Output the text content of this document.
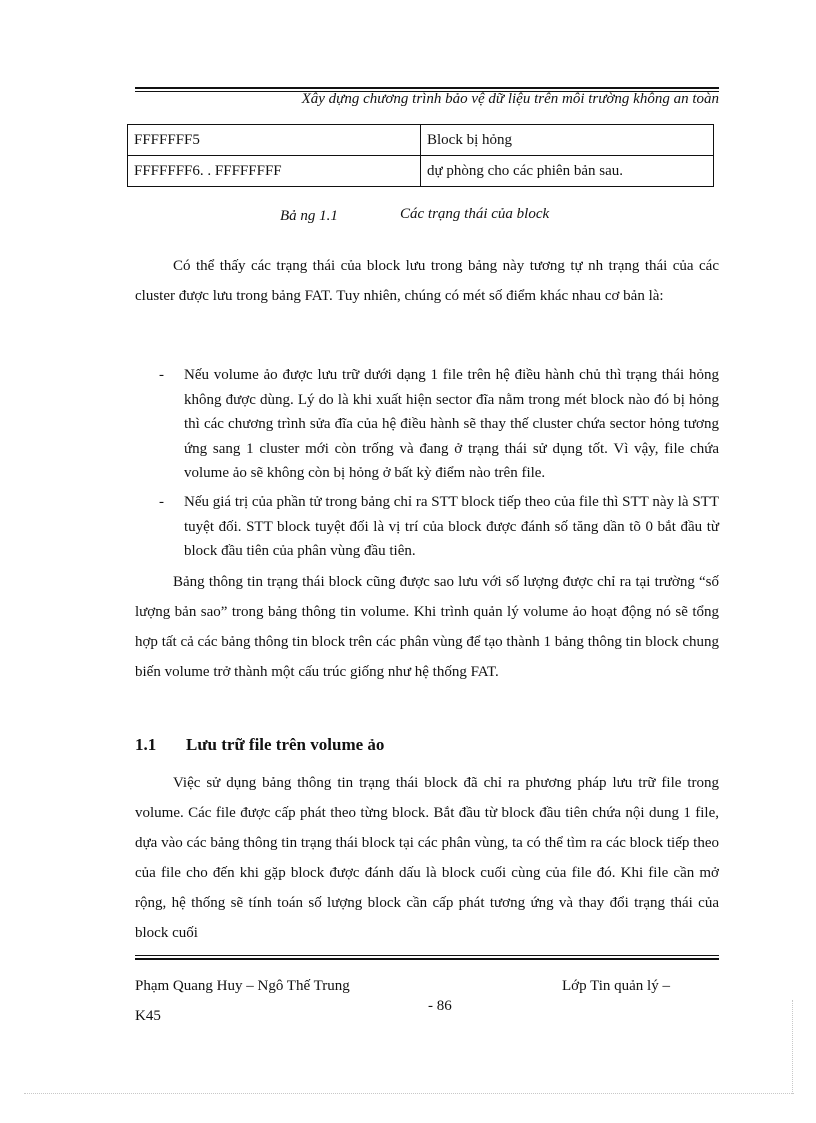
Xây dựng chương trình bảo vệ dữ liệu trên môi trường không an toàn
FFFFFFF5	Block bị hỏng
FFFFFFF6. . FFFFFFFF	dự phòng cho các phiên bản sau.
Bả ng 1.1	Các trạng thái của block

Có thể thấy các trạng thái của block lưu trong bảng này tương tự nh trạng thái của các cluster được lưu trong bảng FAT. Tuy nhiên, chúng có mét số điểm khác nhau cơ bản là:

- Nếu volume ảo được lưu trữ dưới dạng 1 file trên hệ điều hành chủ thì trạng thái hỏng không được dùng. Lý do là khi xuất hiện sector đĩa nằm trong mét block nào đó bị hỏng thì các chương trình sửa đĩa của hệ điều hành sẽ thay thế cluster chứa sector hỏng tương ứng sang 1 cluster mới còn trống và đang ở trạng thái sử dụng tốt. Vì vậy, file chứa volume ảo sẽ không còn bị hỏng ở bất kỳ điểm nào trên file.
- Nếu giá trị của phần tử trong bảng chỉ ra STT block tiếp theo của file thì STT này là STT tuyệt đối. STT block tuyệt đối là vị trí của block được đánh số tăng dần tõ 0 bắt đầu từ block đầu tiên của phân vùng đầu tiên.

Bảng thông tin trạng thái block cũng được sao lưu với số lượng được chỉ ra tại trường “số lượng bản sao” trong bảng thông tin volume. Khi trình quản lý volume ảo hoạt động nó sẽ tổng hợp tất cả các bảng thông tin block trên các phân vùng để tạo thành 1 bảng thông tin block chung biến volume trở thành một cấu trúc giống như hệ thống FAT.

1.1 Lưu trữ file trên volume ảo

Việc sử dụng bảng thông tin trạng thái block đã chỉ ra phương pháp lưu trữ file trong volume. Các file được cấp phát theo từng block. Bắt đầu từ block đầu tiên chứa nội dung 1 file, dựa vào các bảng thông tin trạng thái block tại các phân vùng, ta có thể tìm ra các block tiếp theo của file cho đến khi gặp block được đánh dấu là block cuối cùng của file đó. Khi file cần mở rộng, hệ thống sẽ tính toán số lượng block cần cấp phát tương ứng và thay đổi trạng thái của block cuối

Phạm Quang Huy – Ngô Thế Trung	Lớp Tin quản lý –
- 86
K45
